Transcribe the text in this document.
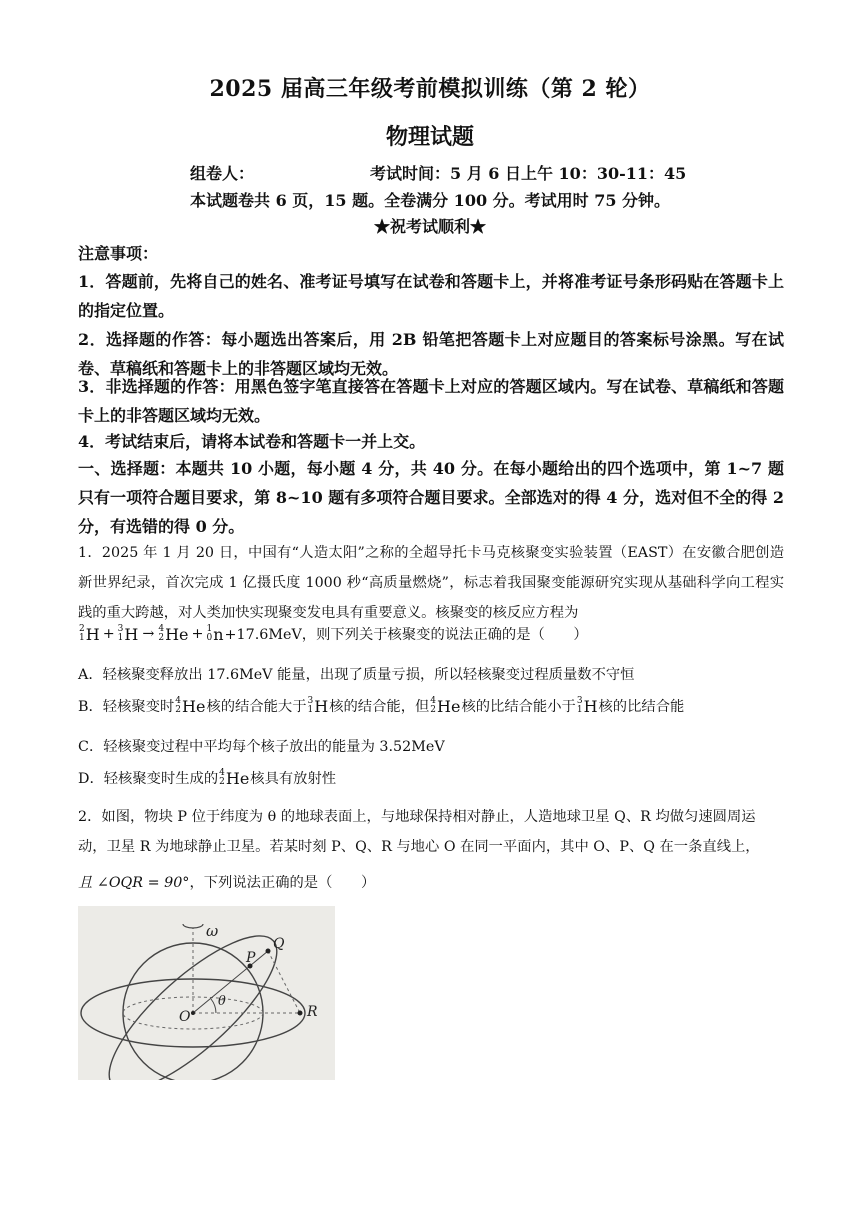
2025 届高三年级考前模拟训练（第 2 轮）
物理试题
组卷人：	考试时间：5 月 6 日上午 10：30-11：45
本试题卷共 6 页，15 题。全卷满分 100 分。考试用时 75 分钟。
★祝考试顺利★
注意事项：
1．答题前，先将自己的姓名、准考证号填写在试卷和答题卡上，并将准考证号条形码贴在答题卡上的指定位置。
2．选择题的作答：每小题选出答案后，用 2B 铅笔把答题卡上对应题目的答案标号涂黑。写在试卷、草稿纸和答题卡上的非答题区域均无效。
3．非选择题的作答：用黑色签字笔直接答在答题卡上对应的答题区域内。写在试卷、草稿纸和答题卡上的非答题区域均无效。
4．考试结束后，请将本试卷和答题卡一并上交。
一、选择题：本题共 10 小题，每小题 4 分，共 40 分。在每小题给出的四个选项中，第 1~7 题只有一项符合题目要求，第 8~10 题有多项符合题目要求。全部选对的得 4 分，选对但不全的得 2 分，有选错的得 0 分。
1．2025 年 1 月 20 日，中国有“人造太阳”之称的全超导托卡马克核聚变实验装置（EAST）在安徽合肥创造新世界纪录，首次完成 1 亿摄氏度 1000 秒“高质量燃烧”，标志着我国聚变能源研究实现从基础科学向工程实践的重大跨越，对人类加快实现聚变发电具有重要意义。核聚变的核反应方程为
2
1 H + 3
1 H → 4
2 He + 1
0 n +17.6MeV，则下列关于核聚变的说法正确的是（　　）
A．轻核聚变释放出 17.6MeV 能量，出现了质量亏损，所以轻核聚变过程质量数不守恒
B．轻核聚变时 4
2 He 核的结合能大于 3
1 H 核的结合能，但 4
2 He 核的比结合能小于 3
1 H 核的比结合能
C．轻核聚变过程中平均每个核子放出的能量为 3.52MeV
D．轻核聚变时生成的 4
2 He 核具有放射性
2．如图，物块 P 位于纬度为 θ 的地球表面上，与地球保持相对静止，人造地球卫星 Q、R 均做匀速圆周运
动，卫星 R 为地球静止卫星。若某时刻 P、Q、R 与地心 O 在同一平面内，其中 O、P、Q 在一条直线上，
且 ∠OQR = 90°，下列说法正确的是（　　）
ω
P
Q
R
O
θ
